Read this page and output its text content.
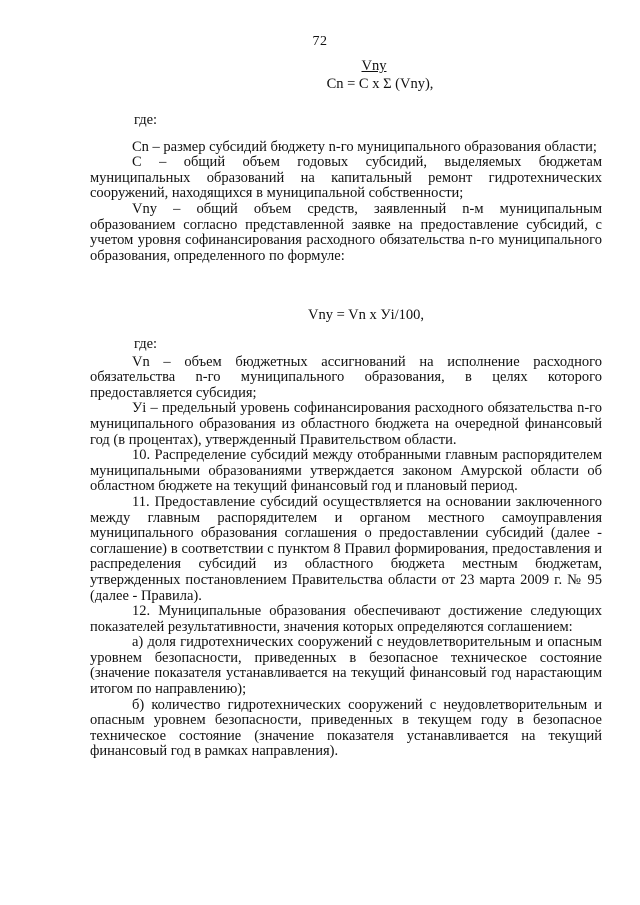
72
Vny
Cn = C x Σ (Vny),

где:

Cn – размер субсидий бюджету n-го муниципального образования области;

С – общий объем годовых субсидий, выделяемых бюджетам муниципальных образований на капитальный ремонт гидротехнических сооружений, находящихся в муниципальной собственности;

Vny – общий объем средств, заявленный n-м муниципальным образованием согласно представленной заявке на предоставление субсидий, с учетом уровня софинансирования расходного обязательства n-го муниципального образования, определенного по формуле:

Vny = Vn x Уi/100,

где:

Vn – объем бюджетных ассигнований на исполнение расходного обязательства n-го муниципального образования, в целях которого предоставляется субсидия;

Уi – предельный уровень софинансирования расходного обязательства n-го муниципального образования из областного бюджета на очередной финансовый год (в процентах), утвержденный Правительством области.

10. Распределение субсидий между отобранными главным распорядителем муниципальными образованиями утверждается законом Амурской области об областном бюджете на текущий финансовый год и плановый период.

11. Предоставление субсидий осуществляется на основании заключенного между главным распорядителем и органом местного самоуправления муниципального образования соглашения о предоставлении субсидий (далее - соглашение) в соответствии с пунктом 8 Правил формирования, предоставления и распределения субсидий из областного бюджета местным бюджетам, утвержденных постановлением Правительства области от 23 марта 2009 г. № 95 (далее - Правила).

12. Муниципальные образования обеспечивают достижение следующих показателей результативности, значения которых определяются соглашением:

а) доля гидротехнических сооружений с неудовлетворительным и опасным уровнем безопасности, приведенных в безопасное техническое состояние (значение показателя устанавливается на текущий финансовый год нарастающим итогом по направлению);

б) количество гидротехнических сооружений с неудовлетворительным и опасным уровнем безопасности, приведенных в текущем году в безопасное техническое состояние (значение показателя устанавливается на текущий финансовый год в рамках направления).
